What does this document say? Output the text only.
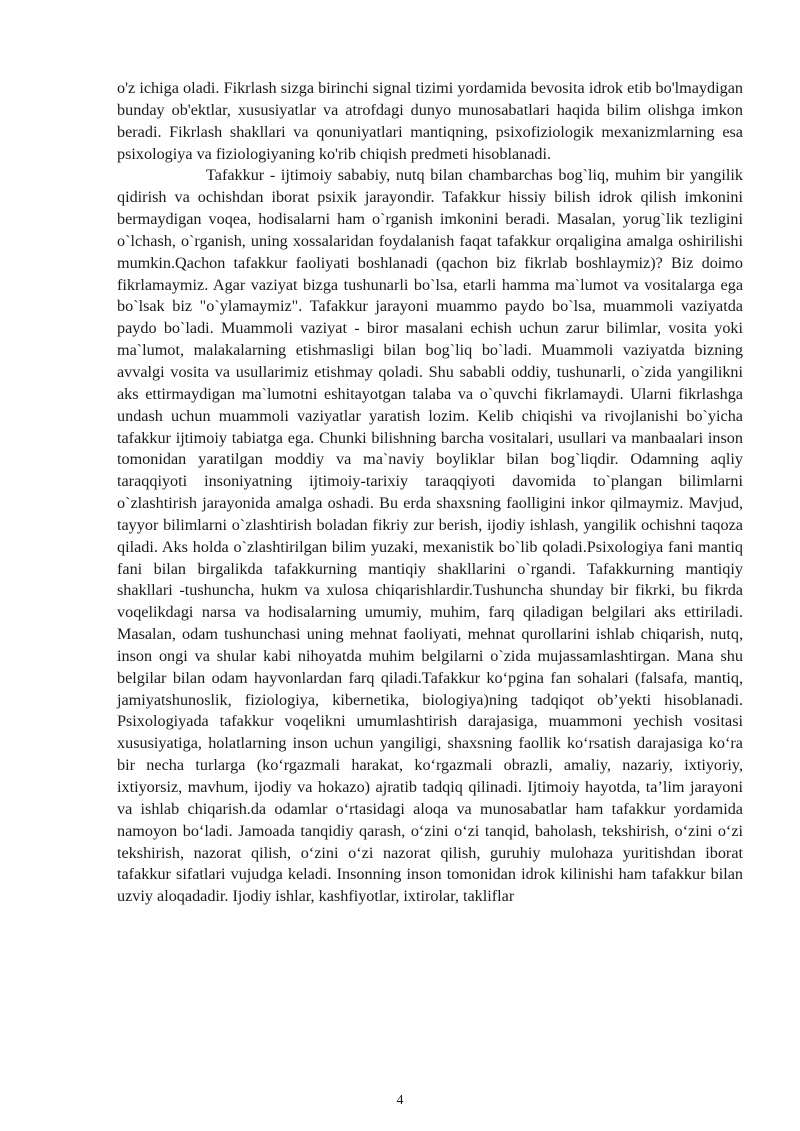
o'z ichiga oladi. Fikrlash sizga birinchi signal tizimi yordamida bevosita idrok etib bo'lmaydigan bunday ob'ektlar, xususiyatlar va atrofdagi dunyo munosabatlari haqida bilim olishga imkon beradi. Fikrlash shakllari va qonuniyatlari mantiqning, psixofiziologik mexanizmlarning esa psixologiya va fiziologiyaning ko'rib chiqish predmeti hisoblanadi.

Tafakkur - ijtimoiy sababiy, nutq bilan chambarchas bog`liq, muhim bir yangilik qidirish va ochishdan iborat psixik jarayondir. Tafakkur hissiy bilish idrok qilish imkonini bermaydigan voqea, hodisalarni ham o`rganish imkonini beradi. Masalan, yorug`lik tezligini o`lchash, o`rganish, uning xossalaridan foydalanish faqat tafakkur orqaligina amalga oshirilishi mumkin.Qachon tafakkur faoliyati boshlanadi (qachon biz fikrlab boshlaymiz)? Biz doimo fikrlamaymiz. Agar vaziyat bizga tushunarli bo`lsa, etarli hamma ma`lumot va vositalarga ega bo`lsak biz "o`ylamaymiz". Tafakkur jarayoni muammo paydo bo`lsa, muammoli vaziyatda paydo bo`ladi. Muammoli vaziyat - biror masalani echish uchun zarur bilimlar, vosita yoki ma`lumot, malakalarning etishmasligi bilan bog`liq bo`ladi. Muammoli vaziyatda bizning avvalgi vosita va usullarimiz etishmay qoladi. Shu sababli oddiy, tushunarli, o`zida yangilikni aks ettirmaydigan ma`lumotni eshitayotgan talaba va o`quvchi fikrlamaydi. Ularni fikrlashga undash uchun muammoli vaziyatlar yaratish lozim. Kelib chiqishi va rivojlanishi bo`yicha tafakkur ijtimoiy tabiatga ega. Chunki bilishning barcha vositalari, usullari va manbaalari inson tomonidan yaratilgan moddiy va ma`naviy boyliklar bilan bog`liqdir. Odamning aqliy taraqqiyoti insoniyatning ijtimoiy-tarixiy taraqqiyoti davomida to`plangan bilimlarni o`zlashtirish jarayonida amalga oshadi. Bu erda shaxsning faolligini inkor qilmaymiz. Mavjud, tayyor bilimlarni o`zlashtirish boladan fikriy zur berish, ijodiy ishlash, yangilik ochishni taqoza qiladi. Aks holda o`zlashtirilgan bilim yuzaki, mexanistik bo`lib qoladi.Psixologiya fani mantiq fani bilan birgalikda tafakkurning mantiqiy shakllarini o`rgandi. Tafakkurning mantiqiy shakllari -tushuncha, hukm va xulosa chiqarishlardir.Tushuncha shunday bir fikrki, bu fikrda voqelikdagi narsa va hodisalarning umumiy, muhim, farq qiladigan belgilari aks ettiriladi. Masalan, odam tushunchasi uning mehnat faoliyati, mehnat qurollarini ishlab chiqarish, nutq, inson ongi va shular kabi nihoyatda muhim belgilarni o`zida mujassamlashtirgan. Mana shu belgilar bilan odam hayvonlardan farq qiladi.Tafakkur ko‘pgina fan sohalari (falsafa, mantiq, jamiyatshunoslik, fiziologiya, kibernetika, biologiya)ning tadqiqot ob’yekti hisoblanadi. Psixologiyada tafakkur voqelikni umumlashtirish darajasiga, muammoni yechish vositasi xususiyatiga, holatlarning inson uchun yangiligi, shaxsning faollik ko‘rsatish darajasiga ko‘ra bir necha turlarga (ko‘rgazmali harakat, ko‘rgazmali obrazli, amaliy, nazariy, ixtiyoriy, ixtiyorsiz, mavhum, ijodiy va hokazo) ajratib tadqiq qilinadi. Ijtimoiy hayotda, ta’lim jarayoni va ishlab chiqarish.da odamlar o‘rtasidagi aloqa va munosabatlar ham tafakkur yordamida namoyon bo‘ladi. Jamoada tanqidiy qarash, o‘zini o‘zi tanqid, baholash, tekshirish, o‘zini o‘zi tekshirish, nazorat qilish, o‘zini o‘zi nazorat qilish, guruhiy mulohaza yuritishdan iborat tafakkur sifatlari vujudga keladi. Insonning inson tomonidan idrok kilinishi ham tafakkur bilan uzviy aloqadadir. Ijodiy ishlar, kashfiyotlar, ixtirolar, takliflar

4
